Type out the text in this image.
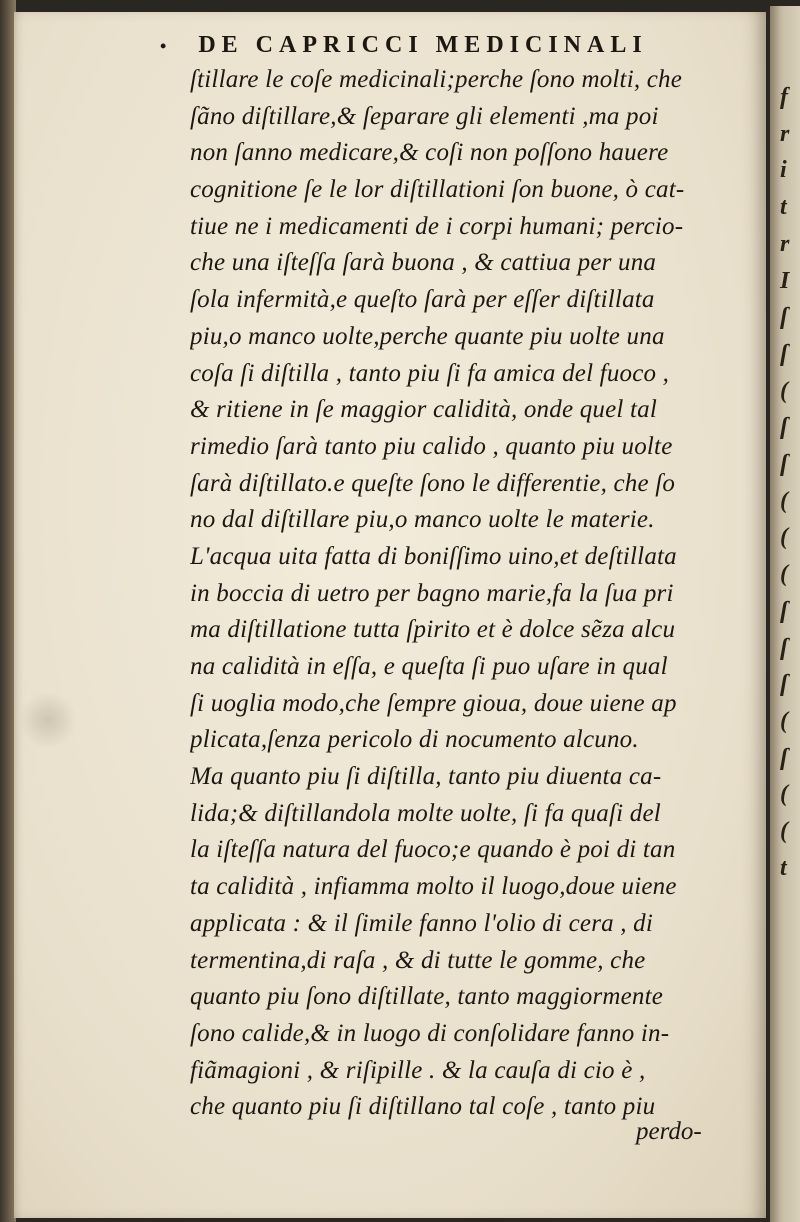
f
r
i
t
r
I
ſ
ſ
(
ſ
ſ
(
(
(
ſ
ſ
ſ
(
ſ
(
(
t
• DE CAPRICCI MEDICINALI
ſtillare le coſe medicinali;perche ſono molti, che
ſãno diſtillare,& ſeparare gli elementi ,ma poi
non ſanno medicare,& coſi non poſſono hauere
cognitione ſe le lor diſtillationi ſon buone, ò cat-
tiue ne i medicamenti de i corpi humani; percio-
che una iſteſſa ſarà buona , & cattiua per una
ſola infermità,e queſto ſarà per eſſer diſtillata
piu,o manco uolte,perche quante piu uolte una
coſa ſi diſtilla , tanto piu ſi fa amica del fuoco ,
& ritiene in ſe maggior calidità, onde quel tal
rimedio ſarà tanto piu calido , quanto piu uolte
ſarà diſtillato.e queſte ſono le differentie, che ſo
no dal diſtillare piu,o manco uolte le materie.
L'acqua uita fatta di boniſſimo uino,et deſtillata
in boccia di uetro per bagno marie,fa la ſua pri
ma diſtillatione tutta ſpirito et è dolce sẽza alcu
na calidità in eſſa, e queſta ſi puo uſare in qual
ſi uoglia modo,che ſempre gioua, doue uiene ap
plicata,ſenza pericolo di nocumento alcuno.
Ma quanto piu ſi diſtilla, tanto piu diuenta ca-
lida;& diſtillandola molte uolte, ſi fa quaſi del
la iſteſſa natura del fuoco;e quando è poi di tan
ta calidità , infiamma molto il luogo,doue uiene
applicata : & il ſimile fanno l'olio di cera , di
termentina,di raſa , & di tutte le gomme, che
quanto piu ſono diſtillate, tanto maggiormente
ſono calide,& in luogo di conſolidare fanno in-
fiãmagioni , & riſipille . & la cauſa di cio è ,
che quanto piu ſi diſtillano tal coſe , tanto piu
perdo-
